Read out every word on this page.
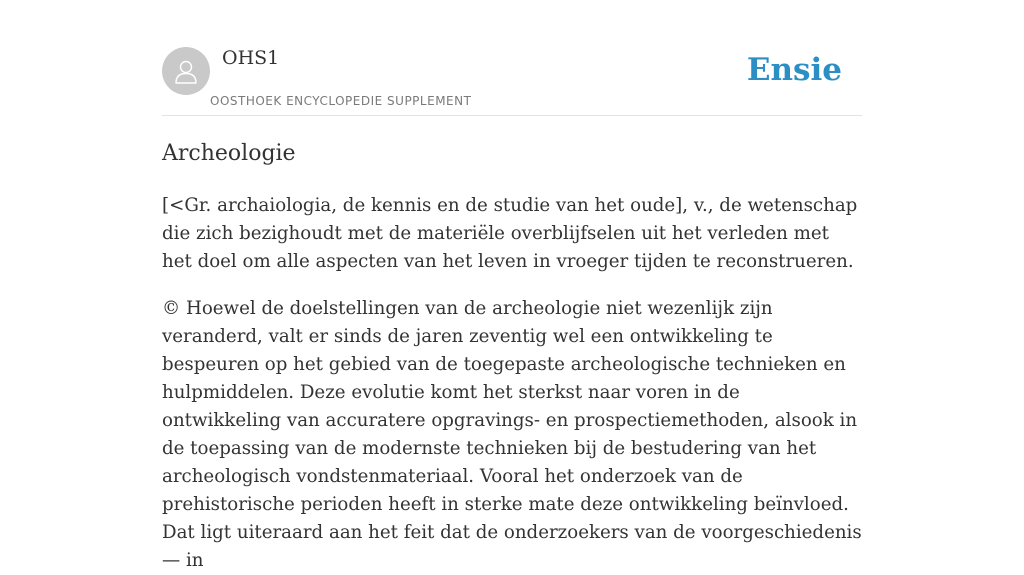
OHS1
OOSTHOEK ENCYCLOPEDIE SUPPLEMENT
Ensie
Archeologie

[<Gr. archaiologia, de kennis en de studie van het oude], v., de wetenschap die zich bezighoudt met de materiële overblijfselen uit het verleden met het doel om alle aspecten van het leven in vroeger tijden te reconstrueren.

© Hoewel de doelstellingen van de archeologie niet wezenlijk zijn veranderd, valt er sinds de jaren zeventig wel een ontwikkeling te bespeuren op het gebied van de toegepaste archeologische technieken en hulpmiddelen. Deze evolutie komt het sterkst naar voren in de ontwikkeling van accuratere opgravings- en prospectiemethoden, alsook in de toepassing van de modernste technieken bij de bestudering van het archeologisch vondstenmateriaal. Vooral het onderzoek van de prehistorische perioden heeft in sterke mate deze ontwikkeling beïnvloed. Dat ligt uiteraard aan het feit dat de onderzoekers van de voorgeschiedenis — in
